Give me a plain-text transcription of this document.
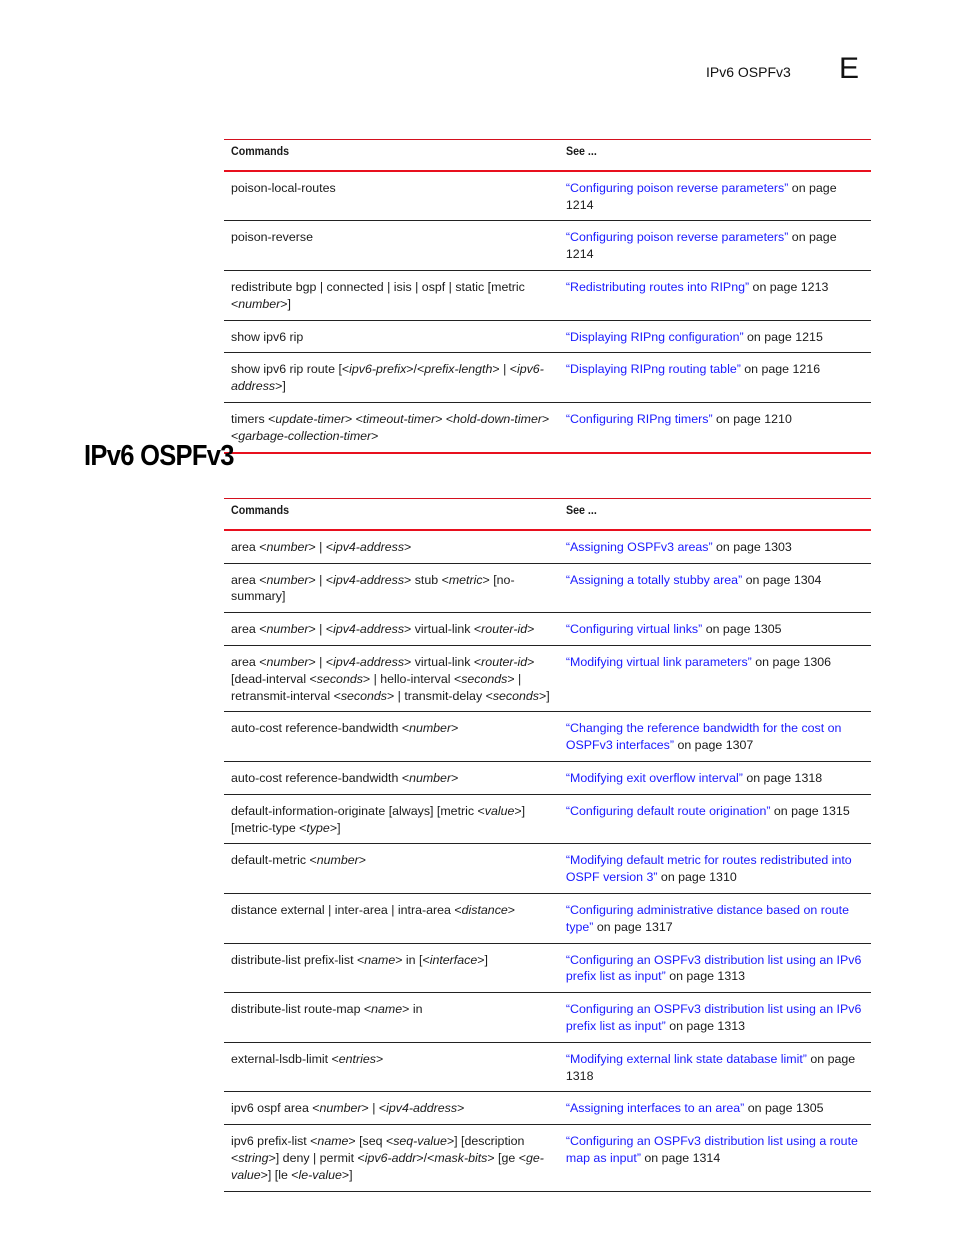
IPv6 OSPFv3 E
Commands	See ...
poison-local-routes	“Configuring poison reverse parameters” on page 1214
poison-reverse	“Configuring poison reverse parameters” on page 1214
redistribute bgp | connected | isis | ospf | static [metric <number>]	“Redistributing routes into RIPng” on page 1213
show ipv6 rip	“Displaying RIPng configuration” on page 1215
show ipv6 rip route [<ipv6-prefix>/<prefix-length> | <ipv6-address>]	“Displaying RIPng routing table” on page 1216
timers <update-timer> <timeout-timer> <hold-down-timer> <garbage-collection-timer>	“Configuring RIPng timers” on page 1210
IPv6 OSPFv3
Commands	See ...
area <number> | <ipv4-address>	“Assigning OSPFv3 areas” on page 1303
area <number> | <ipv4-address> stub <metric> [no-summary]	“Assigning a totally stubby area” on page 1304
area <number> | <ipv4-address> virtual-link <router-id>	“Configuring virtual links” on page 1305
area <number> | <ipv4-address> virtual-link <router-id> [dead-interval <seconds> | hello-interval <seconds> | retransmit-interval <seconds> | transmit-delay <seconds>]	“Modifying virtual link parameters” on page 1306
auto-cost reference-bandwidth <number>	“Changing the reference bandwidth for the cost on OSPFv3 interfaces” on page 1307
auto-cost reference-bandwidth <number>	“Modifying exit overflow interval” on page 1318
default-information-originate [always] [metric <value>] [metric-type <type>]	“Configuring default route origination” on page 1315
default-metric <number>	“Modifying default metric for routes redistributed into OSPF version 3” on page 1310
distance external | inter-area | intra-area <distance>	“Configuring administrative distance based on route type” on page 1317
distribute-list prefix-list <name> in [<interface>]	“Configuring an OSPFv3 distribution list using an IPv6 prefix list as input” on page 1313
distribute-list route-map <name> in	“Configuring an OSPFv3 distribution list using an IPv6 prefix list as input” on page 1313
external-lsdb-limit <entries>	“Modifying external link state database limit” on page 1318
ipv6 ospf area <number> | <ipv4-address>	“Assigning interfaces to an area” on page 1305
ipv6 prefix-list <name> [seq <seq-value>] [description <string>] deny | permit <ipv6-addr>/<mask-bits> [ge <ge-value>] [le <le-value>]	“Configuring an OSPFv3 distribution list using a route map as input” on page 1314
